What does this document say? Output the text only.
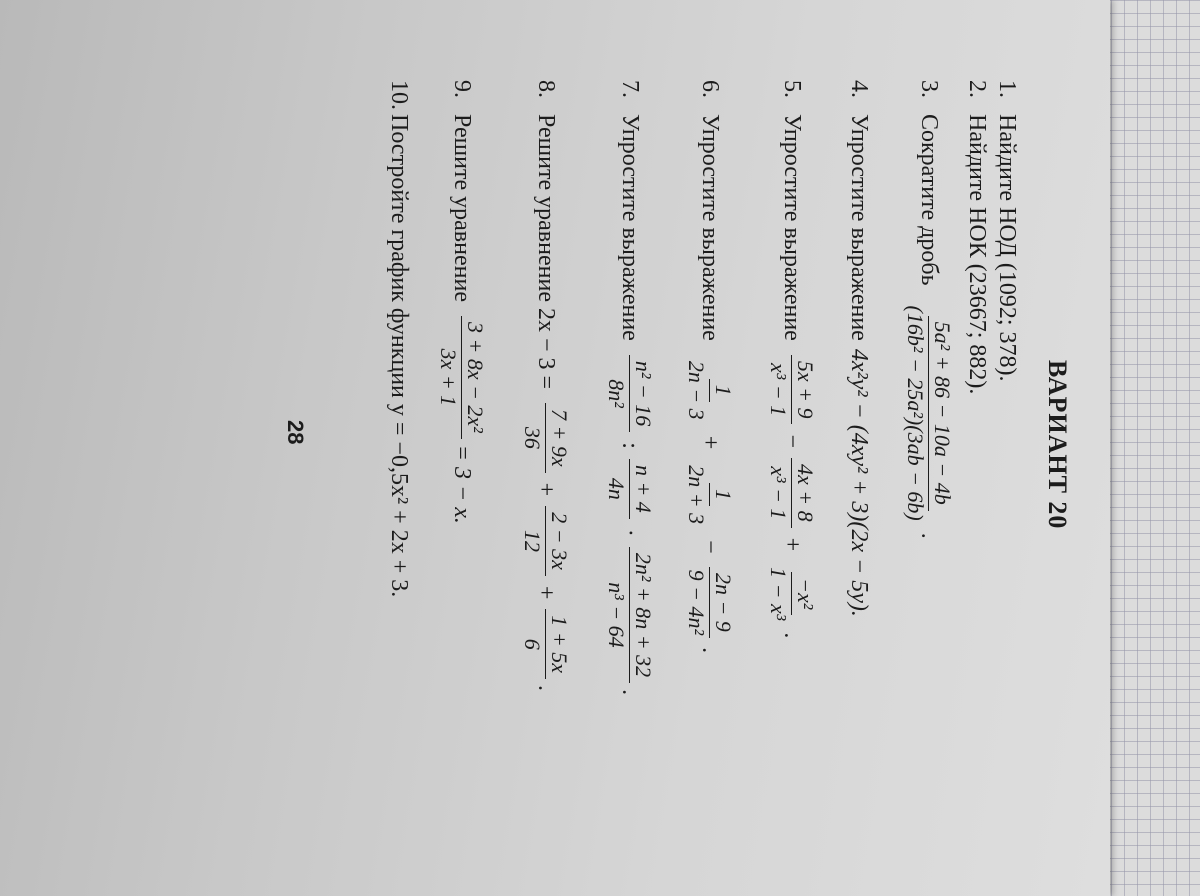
ВАРИАНТ 20
1.
Найдите НОД (1092; 378).
2.
Найдите НОК (23667; 882).
3.
Сократите дробь
5a² + 86 − 10a − 4b
(16b² − 25a²)(3ab − 6b)
.
4.
Упростите выражение
4x²y² − (4xy² + 3)(2x − 5y).
5.
Упростите выражение
5x + 9
x³ − 1
−
4x + 8
x³ − 1
+
−x²
1 − x³
.
6.
Упростите выражение
1
2n − 3
+
1
2n + 3
−
2n − 9
9 − 4n²
.
7.
Упростите выражение
n² − 16
8n²
:
n + 4
4n
·
2n² + 8n + 32
n³ − 64
.
8.
Решите уравнение 2x − 3 =
7 + 9x
36
+
2 − 3x
12
+
1 + 5x
6
.
9.
Решите уравнение
3 + 8x − 2x²
3x + 1
= 3 − x.
10.
Постройте график функции y = −0,5x² + 2x + 3.
28
